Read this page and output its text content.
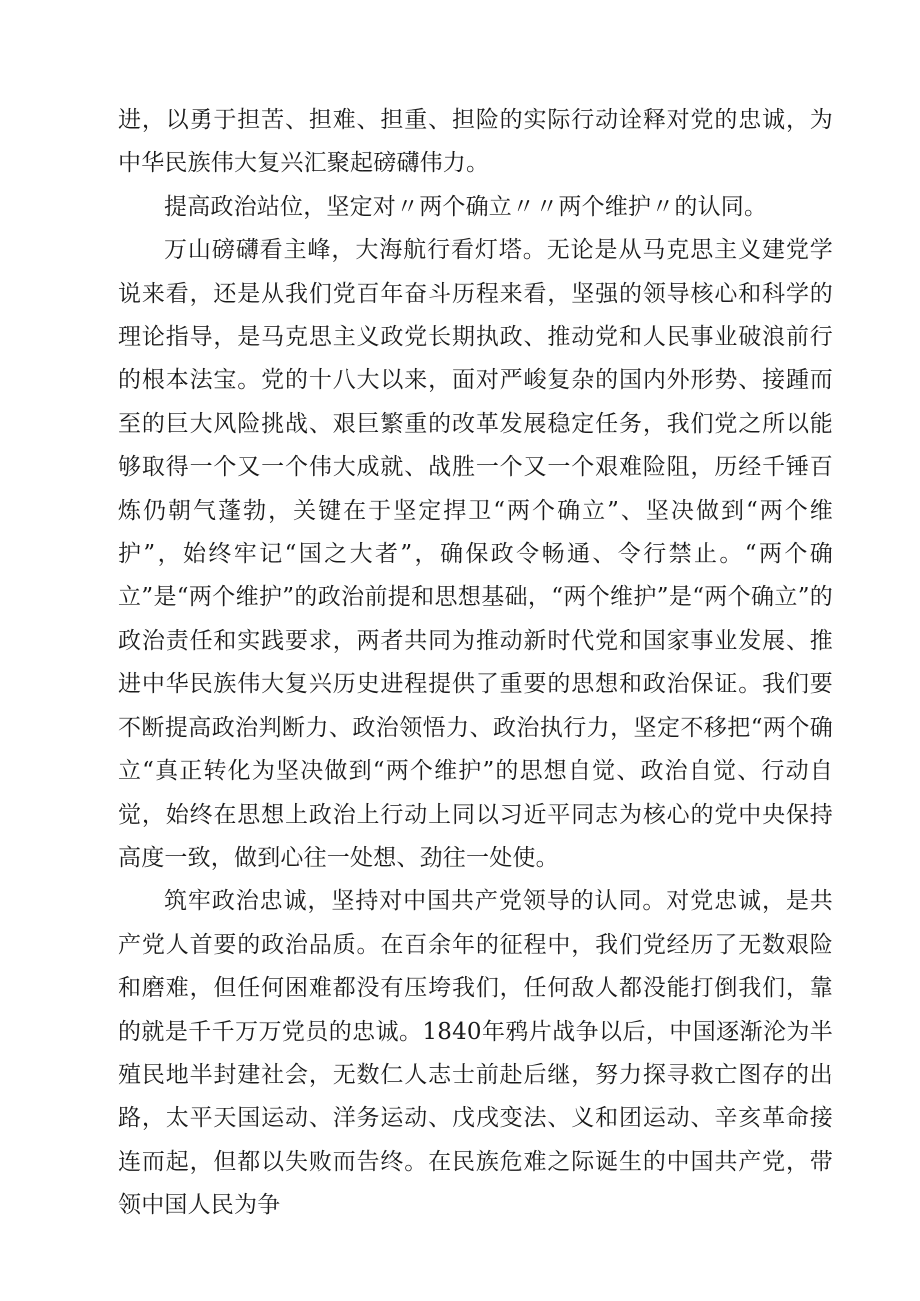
进，以勇于担苦、担难、担重、担险的实际行动诠释对党的忠诚，为中华民族伟大复兴汇聚起磅礴伟力。

提高政治站位，坚定对〃两个确立〃〃两个维护〃的认同。

万山磅礴看主峰，大海航行看灯塔。无论是从马克思主义建党学说来看，还是从我们党百年奋斗历程来看，坚强的领导核心和科学的理论指导，是马克思主义政党长期执政、推动党和人民事业破浪前行的根本法宝。党的十八大以来，面对严峻复杂的国内外形势、接踵而至的巨大风险挑战、艰巨繁重的改革发展稳定任务，我们党之所以能够取得一个又一个伟大成就、战胜一个又一个艰难险阻，历经千锤百炼仍朝气蓬勃，关键在于坚定捍卫“两个确立”、坚决做到“两个维护”，始终牢记“国之大者”，确保政令畅通、令行禁止。“两个确立”是“两个维护”的政治前提和思想基础，“两个维护”是“两个确立”的政治责任和实践要求，两者共同为推动新时代党和国家事业发展、推进中华民族伟大复兴历史进程提供了重要的思想和政治保证。我们要不断提高政治判断力、政治领悟力、政治执行力，坚定不移把“两个确立“真正转化为坚决做到“两个维护”的思想自觉、政治自觉、行动自觉，始终在思想上政治上行动上同以习近平同志为核心的党中央保持高度一致，做到心往一处想、劲往一处使。

筑牢政治忠诚，坚持对中国共产党领导的认同。对党忠诚，是共产党人首要的政治品质。在百余年的征程中，我们党经历了无数艰险和磨难，但任何困难都没有压垮我们，任何敌人都没能打倒我们，靠的就是千千万万党员的忠诚。1840年鸦片战争以后，中国逐渐沦为半殖民地半封建社会，无数仁人志士前赴后继，努力探寻救亡图存的出路，太平天国运动、洋务运动、戊戌变法、义和团运动、辛亥革命接连而起，但都以失败而告终。在民族危难之际诞生的中国共产党，带领中国人民为争
